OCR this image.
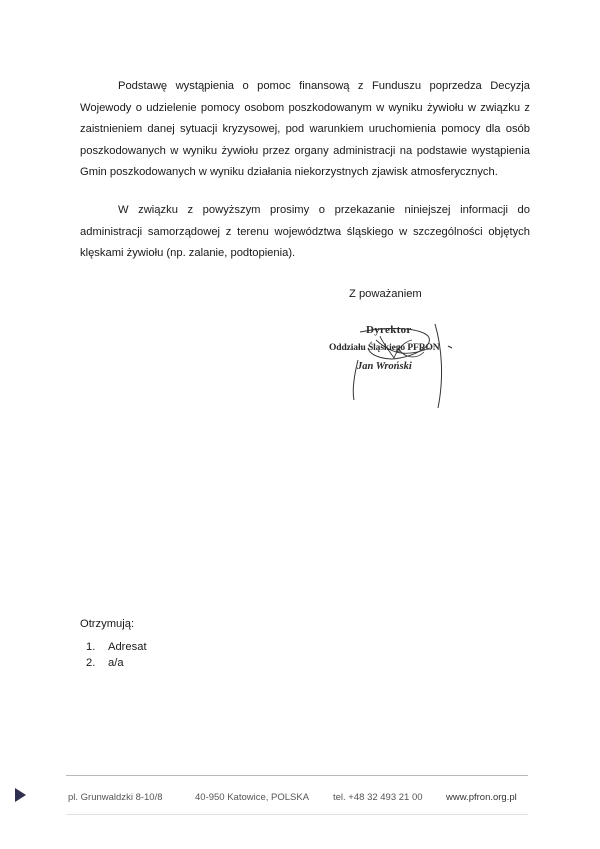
Podstawę wystąpienia o pomoc finansową z Funduszu poprzedza Decyzja Wojewody o udzielenie pomocy osobom poszkodowanym w wyniku żywiołu w związku z zaistnieniem danej sytuacji kryzysowej, pod warunkiem uruchomienia pomocy dla osób poszkodowanych w wyniku żywiołu przez organy administracji na podstawie wystąpienia Gmin poszkodowanych w wyniku działania niekorzystnych zjawisk atmosferycznych.

W związku z powyższym prosimy o przekazanie niniejszej informacji do administracji samorządowej z terenu województwa śląskiego w szczególności objętych klęskami żywiołu (np. zalanie, podtopienia).

Z poważaniem
Dyrektor
Oddziału Śląskiego PFRON
Jan Wroński
Otrzymują:
1.	Adresat
2.	a/a
pl. Grunwaldzki 8-10/8	40-950 Katowice, POLSKA	tel. +48 32 493 21 00 www.pfron.org.pl
